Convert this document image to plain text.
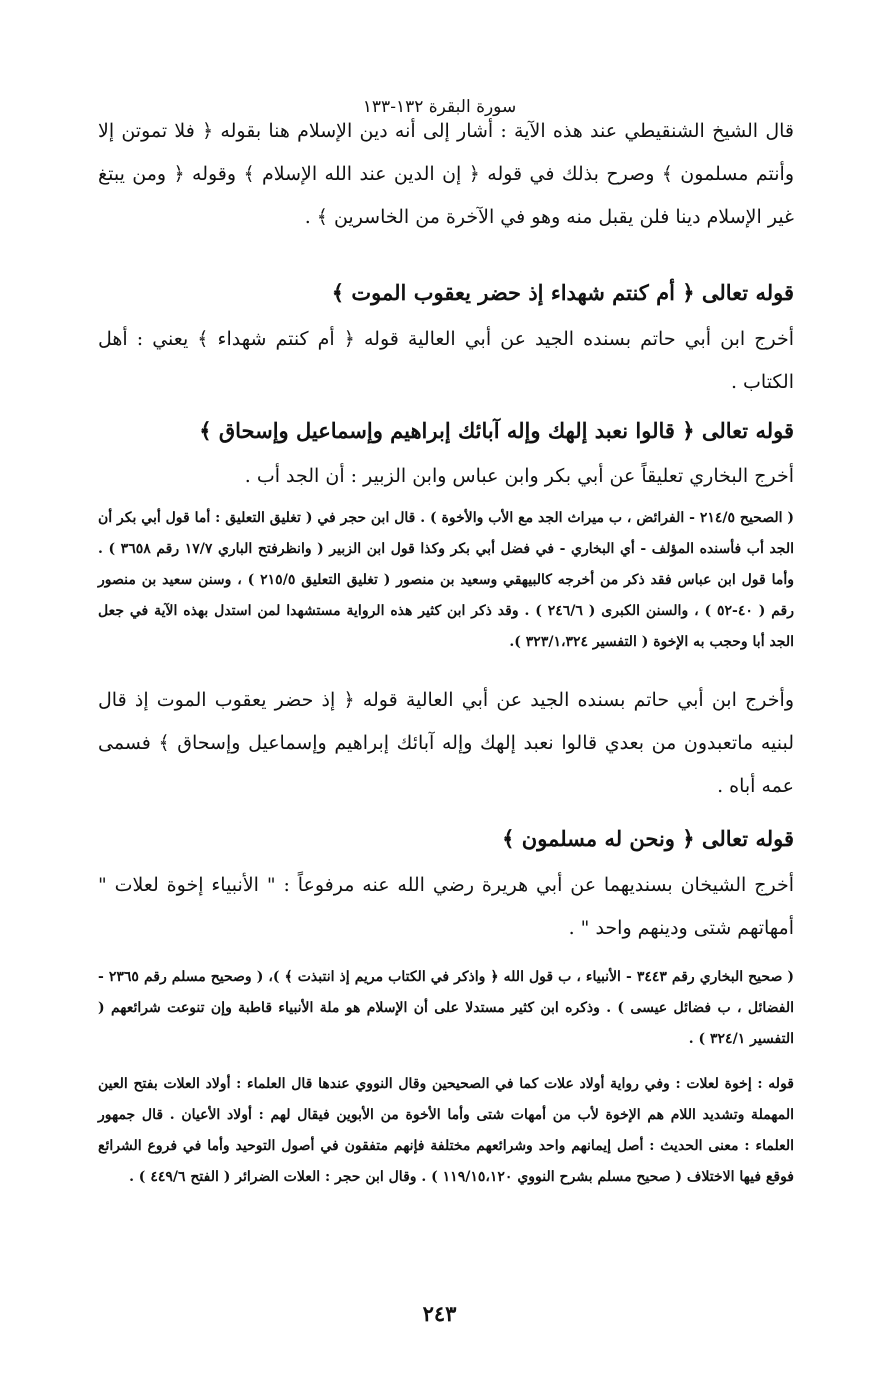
سورة البقرة ١٣٢-١٣٣

قال الشيخ الشنقيطي عند هذه الآية : أشار إلى أنه دين الإسلام هنا بقوله ﴿ فلا تموتن إلا وأنتم مسلمون ﴾ وصرح بذلك في قوله ﴿ إن الدين عند الله الإسلام ﴾ وقوله ﴿ ومن يبتغ غير الإسلام دينا فلن يقبل منه وهو في الآخرة من الخاسرين ﴾ .

قوله تعالى ﴿ أم كنتم شهداء إذ حضر يعقوب الموت ﴾

أخرج ابن أبي حاتم بسنده الجيد عن أبي العالية قوله ﴿ أم كنتم شهداء ﴾ يعني : أهل الكتاب .

قوله تعالى ﴿ قالوا نعبد إلهك وإله آبائك إبراهيم وإسماعيل وإسحاق ﴾

أخرج البخاري تعليقاً عن أبي بكر وابن عباس وابن الزبير : أن الجد أب .

( الصحيح ٢١٤/٥ - الفرائض ، ب ميراث الجد مع الأب والأخوة ) . قال ابن حجر في ( تغليق التعليق : أما قول أبي بكر أن الجد أب فأسنده المؤلف - أي البخاري - في فضل أبي بكر وكذا قول ابن الزبير ( وانظرفتح الباري ١٧/٧ رقم ٣٦٥٨ ) . وأما قول ابن عباس فقد ذكر من أخرجه كالبيهقي وسعيد بن منصور ( تغليق التعليق ٢١٥/٥ ) ، وسنن سعيد بن منصور رقم ( ٤٠-٥٢ ) ، والسنن الكبرى ( ٢٤٦/٦ ) . وقد ذكر ابن كثير هذه الرواية مستشهدا لمن استدل بهذه الآية في جعل الجد أبا وحجب به الإخوة ( التفسير ٣٢٣/١،٣٢٤ ).

وأخرج ابن أبي حاتم بسنده الجيد عن أبي العالية قوله ﴿ إذ حضر يعقوب الموت إذ قال لبنيه ماتعبدون من بعدي قالوا نعبد إلهك وإله آبائك إبراهيم وإسماعيل وإسحاق ﴾ فسمى عمه أباه .

قوله تعالى ﴿ ونحن له مسلمون ﴾

أخرج الشيخان بسنديهما عن أبي هريرة رضي الله عنه مرفوعاً : " الأنبياء إخوة لعلات " أمهاتهم شتى ودينهم واحد " .

( صحيح البخاري رقم ٣٤٤٣ - الأنبياء ، ب قول الله ﴿ واذكر في الكتاب مريم إذ انتبذت ﴾ )، ( وصحيح مسلم رقم ٢٣٦٥ - الفضائل ، ب فضائل عيسى ) . وذكره ابن كثير مستدلا على أن الإسلام هو ملة الأنبياء قاطبة وإن تنوعت شرائعهم ( التفسير ٣٢٤/١ ) .

قوله : إخوة لعلات : وفي رواية أولاد علات كما في الصحيحين وقال النووي عندها قال العلماء : أولاد العلات بفتح العين المهملة وتشديد اللام هم الإخوة لأب من أمهات شتى وأما الأخوة من الأبوين فيقال لهم : أولاد الأعيان . قال جمهور العلماء : معنى الحديث : أصل إيمانهم واحد وشرائعهم مختلفة فإنهم متفقون في أصول التوحيد وأما في فروع الشرائع فوقع فيها الاختلاف ( صحيح مسلم بشرح النووي ١١٩/١٥،١٢٠ ) . وقال ابن حجر : العلات الضرائر ( الفتح ٤٤٩/٦ ) .

٢٤٣
